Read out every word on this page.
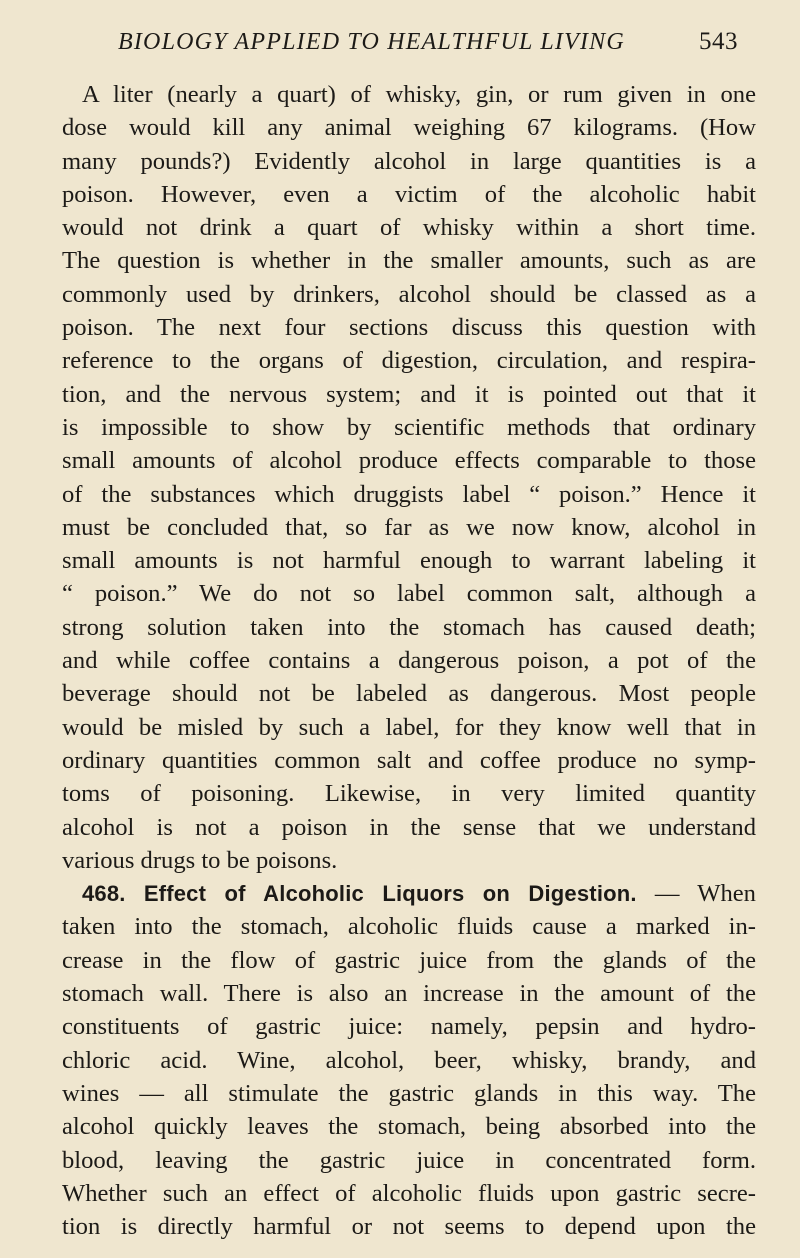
BIOLOGY APPLIED TO HEALTHFUL LIVING	543
A liter (nearly a quart) of whisky, gin, or rum given in one
dose would kill any animal weighing 67 kilograms. (How
many pounds?) Evidently alcohol in large quantities is a
poison. However, even a victim of the alcoholic habit
would not drink a quart of whisky within a short time.
The question is whether in the smaller amounts, such as are
commonly used by drinkers, alcohol should be classed as a
poison. The next four sections discuss this question with
reference to the organs of digestion, circulation, and respira-
tion, and the nervous system; and it is pointed out that it
is impossible to show by scientific methods that ordinary
small amounts of alcohol produce effects comparable to those
of the substances which druggists label “ poison.” Hence it
must be concluded that, so far as we now know, alcohol in
small amounts is not harmful enough to warrant labeling it
“ poison.” We do not so label common salt, although a
strong solution taken into the stomach has caused death;
and while coffee contains a dangerous poison, a pot of the
beverage should not be labeled as dangerous. Most people
would be misled by such a label, for they know well that in
ordinary quantities common salt and coffee produce no symp-
toms of poisoning. Likewise, in very limited quantity
alcohol is not a poison in the sense that we understand
various drugs to be poisons.
468. Effect of Alcoholic Liquors on Digestion. — When
taken into the stomach, alcoholic fluids cause a marked in-
crease in the flow of gastric juice from the glands of the
stomach wall. There is also an increase in the amount of the
constituents of gastric juice: namely, pepsin and hydro-
chloric acid. Wine, alcohol, beer, whisky, brandy, and
wines — all stimulate the gastric glands in this way. The
alcohol quickly leaves the stomach, being absorbed into the
blood, leaving the gastric juice in concentrated form.
Whether such an effect of alcoholic fluids upon gastric secre-
tion is directly harmful or not seems to depend upon the
